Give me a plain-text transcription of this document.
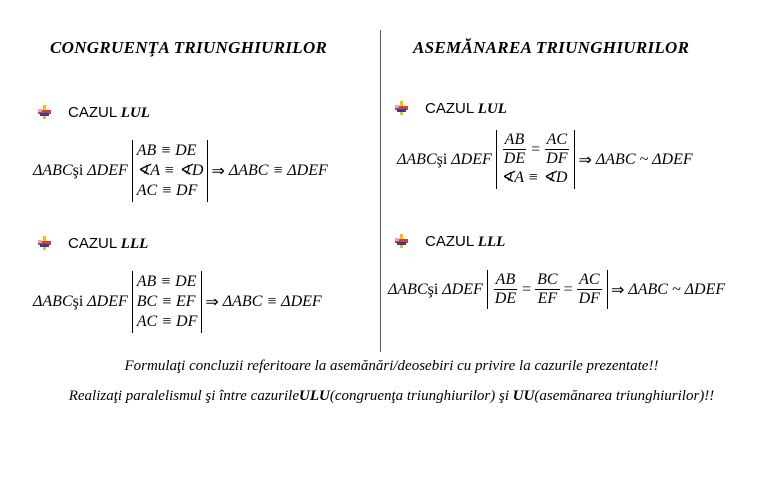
CONGRUENŢA TRIUNGHIURILOR	ASEMĂNAREA TRIUNGHIURILOR
CAZUL LUL
ΔABC şi
ΔDEF
AB ≡ DE
∢A ≡ ∢D
AC ≡ DF
⇒
ΔABC ≡ ΔDEF
CAZUL LLL
ΔABC şi
ΔDEF
AB ≡ DE
BC ≡ EF
AC ≡ DF
⇒
ΔABC ≡ ΔDEF
CAZUL LUL
ΔABC şi
ΔDEF $\frac{AB}{DE} = \frac{AC}{DF}$
∢A ≡ ∢D
⇒
ΔABC ~ ΔDEF
CAZUL LLL
ΔABC şi
ΔDEF $\frac{AB}{DE} = \frac{BC}{EF} = \frac{AC}{DF}$ ⇒
ΔABC ~ ΔDEF
Formulaţi concluzii referitoare la asemănări/deosebiri cu privire la cazurile prezentate!!
Realizaţi paralelismul şi între cazurileULU(congruenţa triunghiurilor) şi UU(asemănarea triunghiurilor)!!
